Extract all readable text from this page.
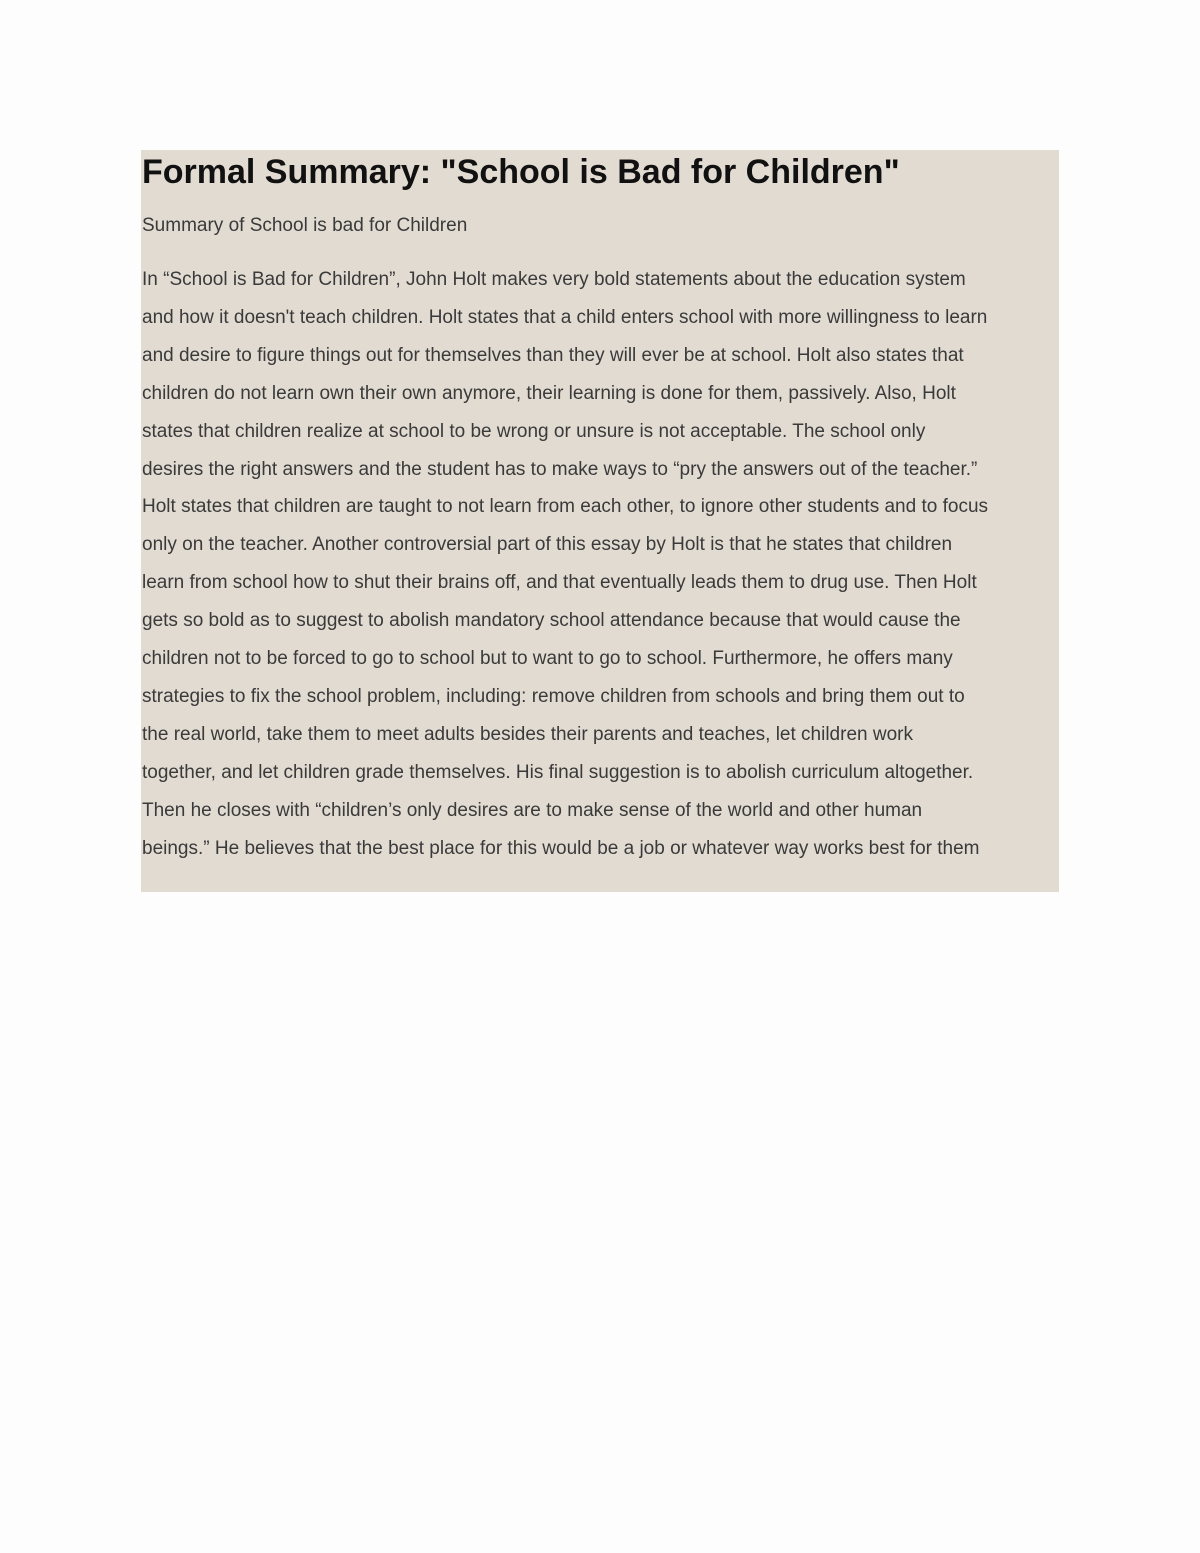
Formal Summary: "School is Bad for Children"

Summary of School is bad for Children

In “School is Bad for Children”, John Holt makes very bold statements about the education system
and how it doesn't teach children. Holt states that a child enters school with more willingness to learn
and desire to figure things out for themselves than they will ever be at school. Holt also states that
children do not learn own their own anymore, their learning is done for them, passively. Also, Holt
states that children realize at school to be wrong or unsure is not acceptable. The school only
desires the right answers and the student has to make ways to “pry the answers out of the teacher.”
Holt states that children are taught to not learn from each other, to ignore other students and to focus
only on the teacher. Another controversial part of this essay by Holt is that he states that children
learn from school how to shut their brains off, and that eventually leads them to drug use. Then Holt
gets so bold as to suggest to abolish mandatory school attendance because that would cause the
children not to be forced to go to school but to want to go to school. Furthermore, he offers many
strategies to fix the school problem, including: remove children from schools and bring them out to
the real world, take them to meet adults besides their parents and teaches, let children work
together, and let children grade themselves. His final suggestion is to abolish curriculum altogether.
Then he closes with “children’s only desires are to make sense of the world and other human
beings.” He believes that the best place for this would be a job or whatever way works best for them
